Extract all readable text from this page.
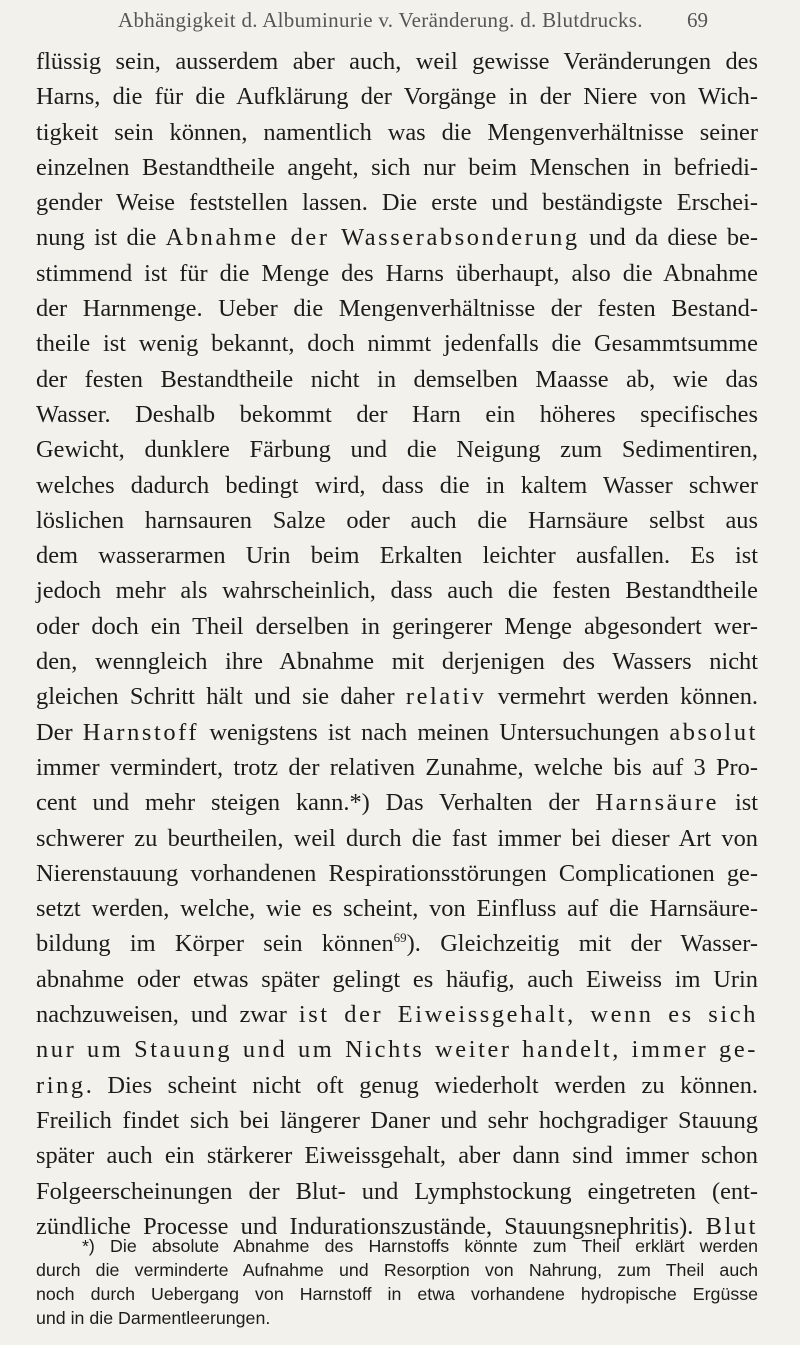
Abhängigkeit d. Albuminurie v. Veränderung. d. Blutdrucks. 69
flüssig sein, ausserdem aber auch, weil gewisse Veränderungen des
Harns, die für die Aufklärung der Vorgänge in der Niere von Wich-
tigkeit sein können, namentlich was die Mengenverhältnisse seiner
einzelnen Bestandtheile angeht, sich nur beim Menschen in befriedi-
gender Weise feststellen lassen. Die erste und beständigste Erschei-
nung ist die Abnahme der Wasserabsonderung und da diese be-
stimmend ist für die Menge des Harns überhaupt, also die Abnahme
der Harnmenge. Ueber die Mengenverhältnisse der festen Bestand-
theile ist wenig bekannt, doch nimmt jedenfalls die Gesammtsumme
der festen Bestandtheile nicht in demselben Maasse ab, wie das
Wasser. Deshalb bekommt der Harn ein höheres specifisches
Gewicht, dunklere Färbung und die Neigung zum Sedimentiren,
welches dadurch bedingt wird, dass die in kaltem Wasser schwer
löslichen harnsauren Salze oder auch die Harnsäure selbst aus
dem wasserarmen Urin beim Erkalten leichter ausfallen. Es ist
jedoch mehr als wahrscheinlich, dass auch die festen Bestandtheile
oder doch ein Theil derselben in geringerer Menge abgesondert wer-
den, wenngleich ihre Abnahme mit derjenigen des Wassers nicht
gleichen Schritt hält und sie daher relativ vermehrt werden können.
Der Harnstoff wenigstens ist nach meinen Untersuchungen absolut
immer vermindert, trotz der relativen Zunahme, welche bis auf 3 Pro-
cent und mehr steigen kann.*) Das Verhalten der Harnsäure ist
schwerer zu beurtheilen, weil durch die fast immer bei dieser Art von
Nierenstauung vorhandenen Respirationsstörungen Complicationen ge-
setzt werden, welche, wie es scheint, von Einfluss auf die Harnsäure-
bildung im Körper sein können$^{69}$). Gleichzeitig mit der Wasser-
abnahme oder etwas später gelingt es häufig, auch Eiweiss im Urin
nachzuweisen, und zwar ist der Eiweissgehalt, wenn es sich
nur um Stauung und um Nichts weiter handelt, immer ge-
ring. Dies scheint nicht oft genug wiederholt werden zu können.
Freilich findet sich bei längerer Daner und sehr hochgradiger Stauung
später auch ein stärkerer Eiweissgehalt, aber dann sind immer schon
Folgeerscheinungen der Blut- und Lymphstockung eingetreten (ent-
zündliche Processe und Indurationszustände, Stauungsnephritis). Blut
*) Die absolute Abnahme des Harnstoffs könnte zum Theil erklärt werden
durch die verminderte Aufnahme und Resorption von Nahrung, zum Theil auch
noch durch Uebergang von Harnstoff in etwa vorhandene hydropische Ergüsse
und in die Darmentleerungen.
